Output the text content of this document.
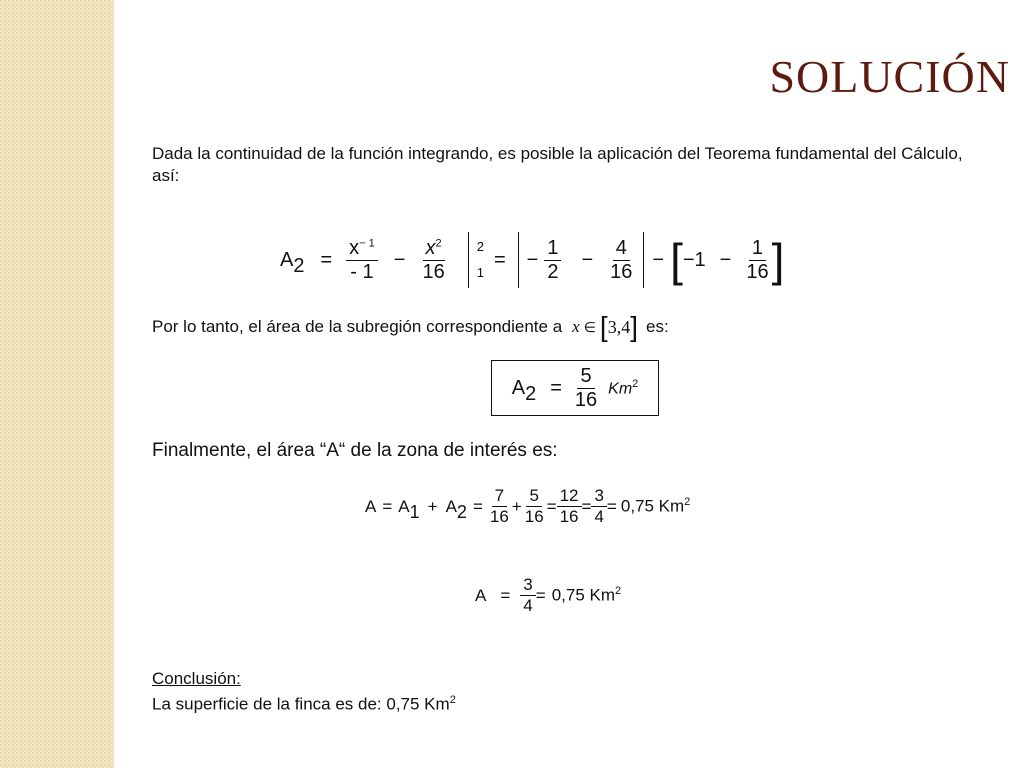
SOLUCIÓN
Dada la continuidad de la función integrando, es posible la aplicación del Teorema fundamental del Cálculo, así:
$A_2 = \frac{x^{- 1}}{- 1} - \frac{x^2}{16} 2$
1
= − $\frac{1}{2} - \frac{4}{16}$ − [ $-1 - \frac{1}{16}$ ]
Por lo tanto, el área de la subregión correspondiente a x ∈ [ 3,4 ] es:
$A_2 = \frac{5}{16} Km^2$
Finalmente, el área “A“ de la zona de interés es:
$A = A_1 + A_2 = \frac{7}{16} + \frac{5}{16} = \frac{12}{16} = \frac{3}{4} = 0,75$ Km$^2$
$A = \frac{3}{4} = 0,75$ Km$^2$
Conclusión:
La superficie de la finca es de: 0,75 Km$^2$
